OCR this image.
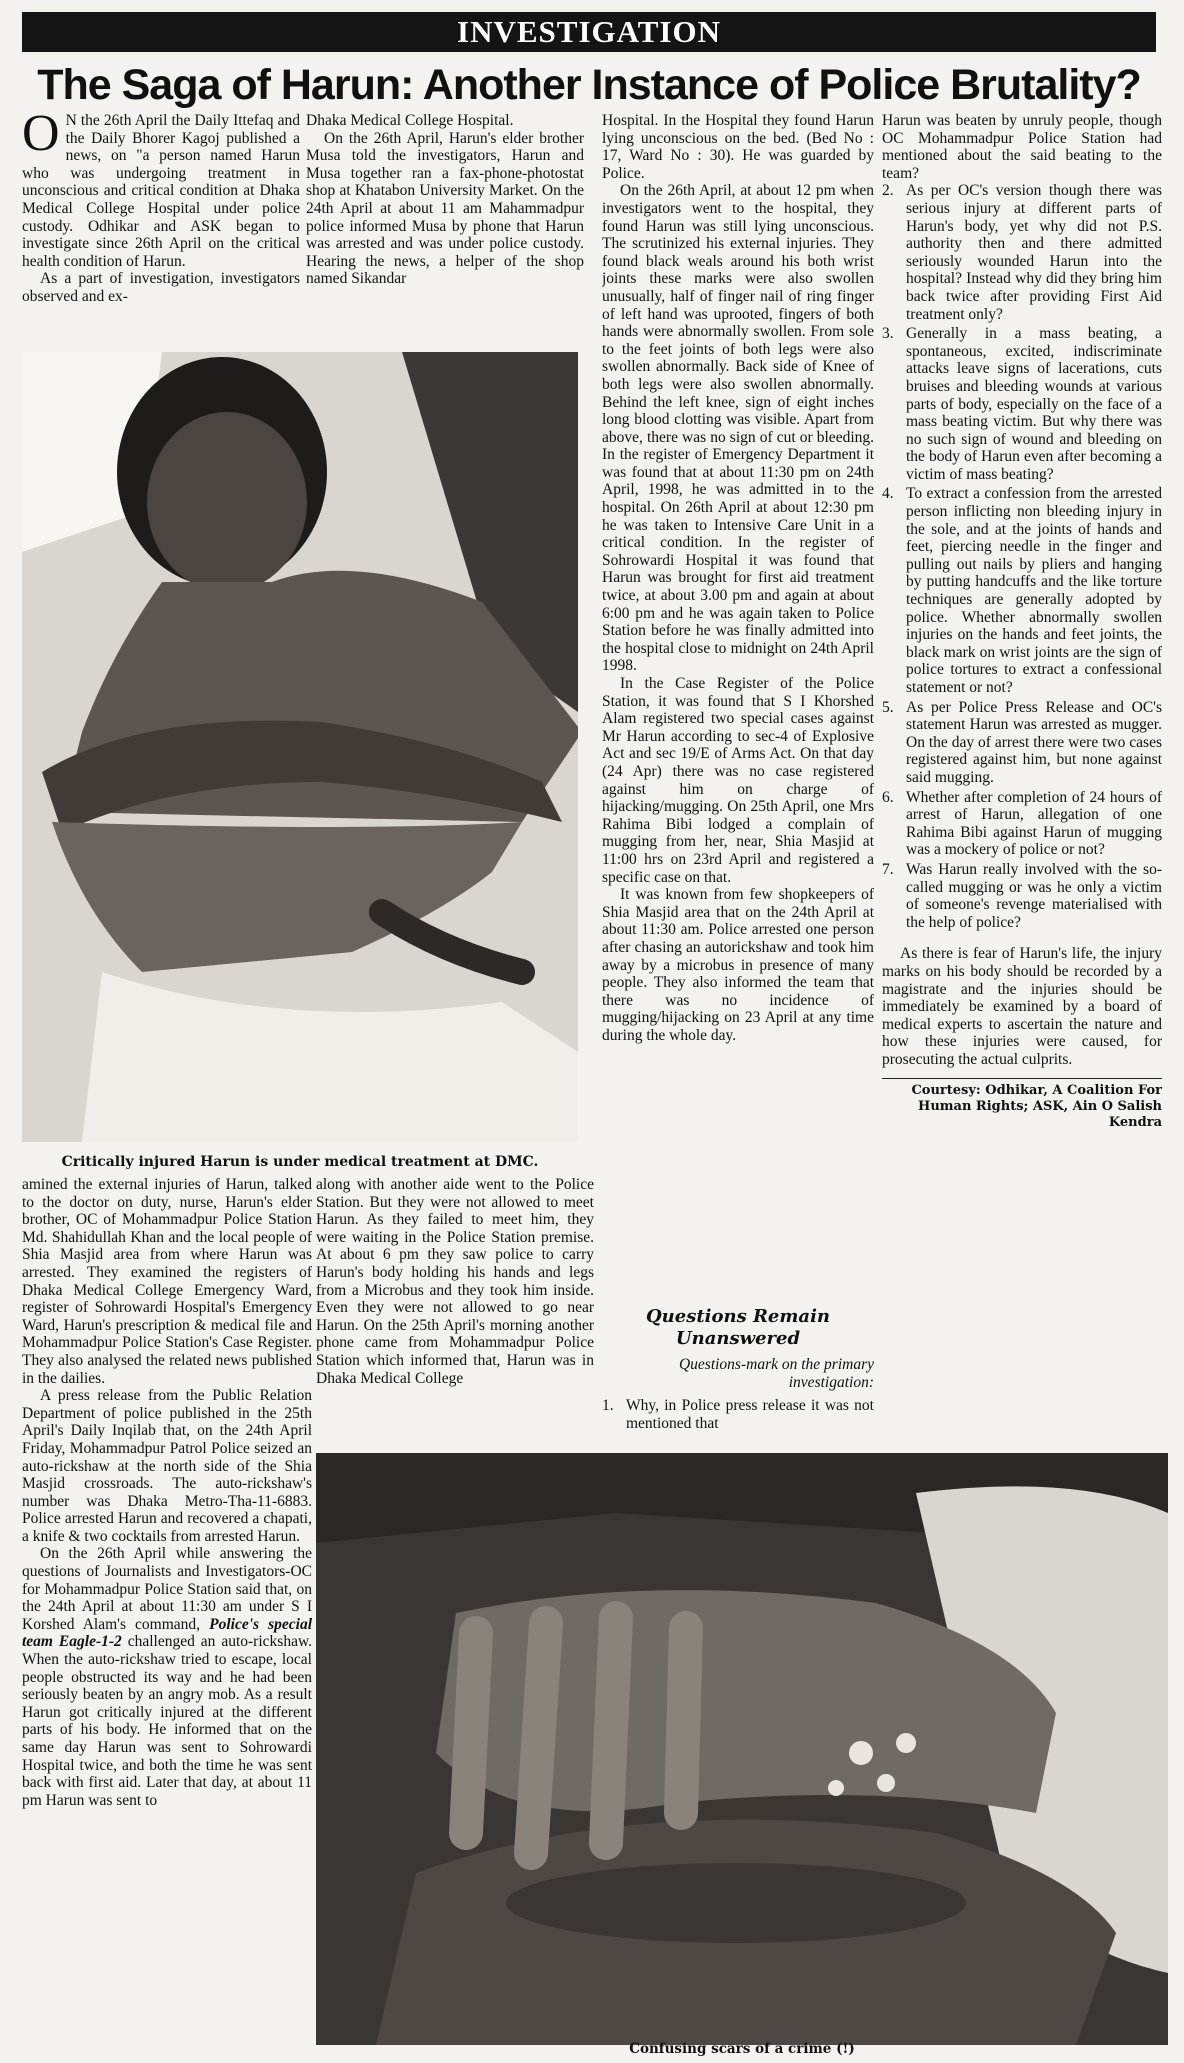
INVESTIGATION
The Saga of Harun: Another Instance of Police Brutality?

O N the 26th April the Daily Ittefaq and the Daily Bhorer Kagoj published a news, on "a person named Harun who was undergoing treatment in unconscious and critical condition at Dhaka Medical College Hospital under police custody. Odhikar and ASK began to investigate since 26th April on the critical health condition of Harun.

As a part of investigation, investigators observed and ex-

Dhaka Medical College Hospital.

On the 26th April, Harun's elder brother Musa told the investigators, Harun and Musa together ran a fax-phone-photostat shop at Khatabon University Market. On the 24th April at about 11 am Mahammadpur police informed Musa by phone that Harun was arrested and was under police custody. Hearing the news, a helper of the shop named Sikandar

Critically injured Harun is under medical treatment at DMC.

Hospital. In the Hospital they found Harun lying unconscious on the bed. (Bed No : 17, Ward No : 30). He was guarded by Police.

On the 26th April, at about 12 pm when investigators went to the hospital, they found Harun was still lying unconscious. The scrutinized his external injuries. They found black weals around his both wrist joints these marks were also swollen unusually, half of finger nail of ring finger of left hand was uprooted, fingers of both hands were abnormally swollen. From sole to the feet joints of both legs were also swollen abnormally. Back side of Knee of both legs were also swollen abnormally. Behind the left knee, sign of eight inches long blood clotting was visible. Apart from above, there was no sign of cut or bleeding. In the register of Emergency Department it was found that at about 11:30 pm on 24th April, 1998, he was admitted in to the hospital. On 26th April at about 12:30 pm he was taken to Intensive Care Unit in a critical condition. In the register of Sohrowardi Hospital it was found that Harun was brought for first aid treatment twice, at about 3.00 pm and again at about 6:00 pm and he was again taken to Police Station before he was finally admitted into the hospital close to midnight on 24th April 1998.

In the Case Register of the Police Station, it was found that S I Khorshed Alam registered two special cases against Mr Harun according to sec-4 of Explosive Act and sec 19/E of Arms Act. On that day (24 Apr) there was no case registered against him on charge of hijacking/mugging. On 25th April, one Mrs Rahima Bibi lodged a complain of mugging from her, near, Shia Masjid at 11:00 hrs on 23rd April and registered a specific case on that.

It was known from few shopkeepers of Shia Masjid area that on the 24th April at about 11:30 am. Police arrested one person after chasing an autorickshaw and took him away by a microbus in presence of many people. They also informed the team that there was no incidence of mugging/hijacking on 23 April at any time during the whole day.

Questions Remain Unanswered

Questions-mark on the primary investigation:

1. Why, in Police press release it was not mentioned that

Harun was beaten by unruly people, though OC Mohammadpur Police Station had mentioned about the said beating to the team?

2. As per OC's version though there was serious injury at different parts of Harun's body, yet why did not P.S. authority then and there admitted seriously wounded Harun into the hospital? Instead why did they bring him back twice after providing First Aid treatment only?
3. Generally in a mass beating, a spontaneous, excited, indiscriminate attacks leave signs of lacerations, cuts bruises and bleeding wounds at various parts of body, especially on the face of a mass beating victim. But why there was no such sign of wound and bleeding on the body of Harun even after becoming a victim of mass beating?
4. To extract a confession from the arrested person inflicting non bleeding injury in the sole, and at the joints of hands and feet, piercing needle in the finger and pulling out nails by pliers and hanging by putting handcuffs and the like torture techniques are generally adopted by police. Whether abnormally swollen injuries on the hands and feet joints, the black mark on wrist joints are the sign of police tortures to extract a confessional statement or not?
5. As per Police Press Release and OC's statement Harun was arrested as mugger. On the day of arrest there were two cases registered against him, but none against said mugging.
6. Whether after completion of 24 hours of arrest of Harun, allegation of one Rahima Bibi against Harun of mugging was a mockery of police or not?
7. Was Harun really involved with the so-called mugging or was he only a victim of someone's revenge materialised with the help of police?

As there is fear of Harun's life, the injury marks on his body should be recorded by a magistrate and the injuries should be immediately be examined by a board of medical experts to ascertain the nature and how these injuries were caused, for prosecuting the actual culprits.

Courtesy: Odhikar, A Coalition For Human Rights; ASK, Ain O Salish Kendra

amined the external injuries of Harun, talked to the doctor on duty, nurse, Harun's elder brother, OC of Mohammadpur Police Station Md. Shahidullah Khan and the local people of Shia Masjid area from where Harun was arrested. They examined the registers of Dhaka Medical College Emergency Ward, register of Sohrowardi Hospital's Emergency Ward, Harun's prescription & medical file and Mohammadpur Police Station's Case Register. They also analysed the related news published in the dailies.

A press release from the Public Relation Department of police published in the 25th April's Daily Inqilab that, on the 24th April Friday, Mohammadpur Patrol Police seized an auto-rickshaw at the north side of the Shia Masjid crossroads. The auto-rickshaw's number was Dhaka Metro-Tha-11-6883. Police arrested Harun and recovered a chapati, a knife & two cocktails from arrested Harun.

On the 26th April while answering the questions of Journalists and Investigators-OC for Mohammadpur Police Station said that, on the 24th April at about 11:30 am under S I Korshed Alam's command, Police's special team Eagle-1-2 challenged an auto-rickshaw. When the auto-rickshaw tried to escape, local people obstructed its way and he had been seriously beaten by an angry mob. As a result Harun got critically injured at the different parts of his body. He informed that on the same day Harun was sent to Sohrowardi Hospital twice, and both the time he was sent back with first aid. Later that day, at about 11 pm Harun was sent to

along with another aide went to the Police Station. But they were not allowed to meet Harun. As they failed to meet him, they were waiting in the Police Station premise. At about 6 pm they saw police to carry Harun's body holding his hands and legs from a Microbus and they took him inside. Even they were not allowed to go near Harun. On the 25th April's morning another phone came from Mohammadpur Police Station which informed that, Harun was in Dhaka Medical College

Confusing scars of a crime (!)
